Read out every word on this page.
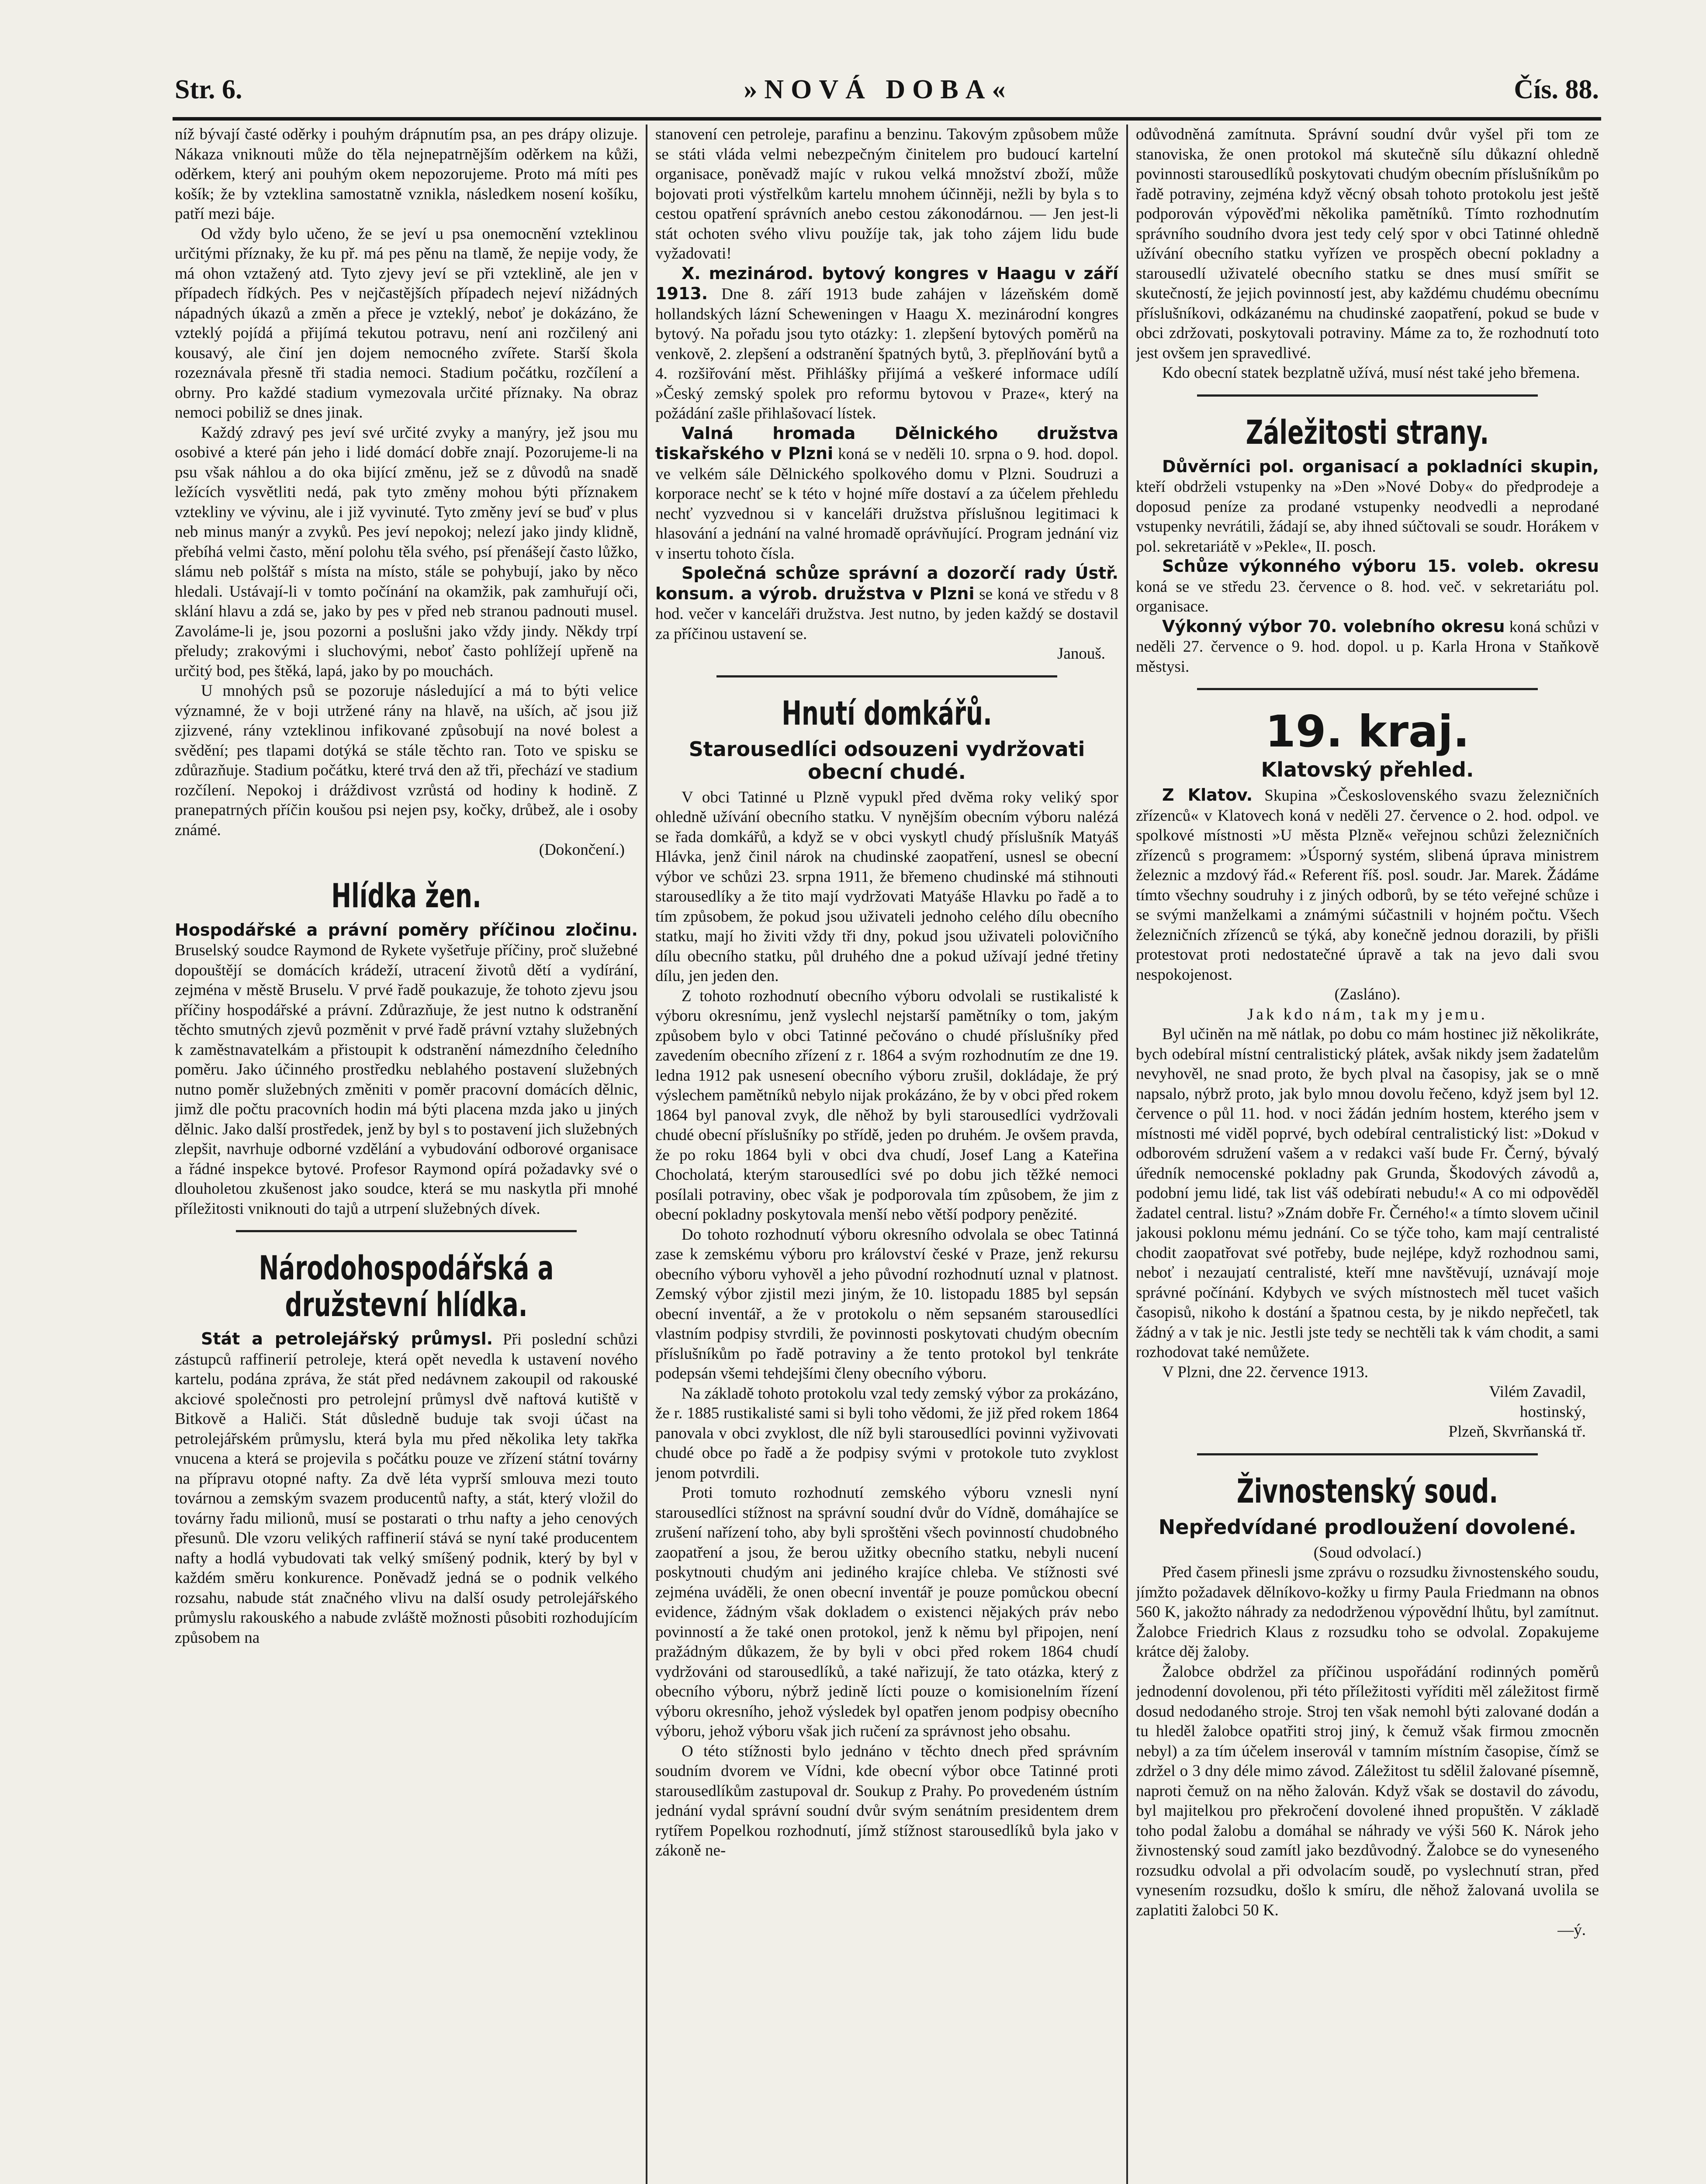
Str. 6.	»NOVÁ DOBA«	Čís. 88.

níž bývají časté oděrky i pouhým drápnutím psa, an pes drápy olizuje. Nákaza vniknouti může do těla nejnepatrnějším oděrkem na kůži, oděrkem, který ani pouhým okem nepozorujeme. Proto má míti pes košík; že by vzteklina samostatně vznikla, následkem nosení košíku, patří mezi báje.

Od vždy bylo učeno, že se jeví u psa onemocnění vzteklinou určitými příznaky, že ku př. má pes pěnu na tlamě, že nepije vody, že má ohon vztažený atd. Tyto zjevy jeví se při vzteklině, ale jen v případech řídkých. Pes v nejčastějších případech nejeví nižádných nápadných úkazů a změn a přece je vzteklý, neboť je dokázáno, že vzteklý pojídá a přijímá tekutou potravu, není ani rozčilený ani kousavý, ale činí jen dojem nemocného zvířete. Starší škola rozeznávala přesně tři stadia nemoci. Stadium počátku, rozčílení a obrny. Pro každé stadium vymezovala určité příznaky. Na obraz nemoci pobiliž se dnes jinak.

Každý zdravý pes jeví své určité zvyky a manýry, jež jsou mu osobivé a které pán jeho i lidé domácí dobře znají. Pozorujeme-li na psu však náhlou a do oka bijící změnu, jež se z důvodů na snadě ležících vysvětliti nedá, pak tyto změny mohou býti příznakem vztekliny ve vývinu, ale i již vyvinuté. Tyto změny jeví se buď v plus neb minus manýr a zvyků. Pes jeví nepokoj; nelezí jako jindy klidně, přebíhá velmi často, mění polohu těla svého, psí přenášejí často lůžko, slámu neb polštář s místa na místo, stále se pohybují, jako by něco hledali. Ustávají-li v tomto počínání na okamžik, pak zamhuřují oči, sklání hlavu a zdá se, jako by pes v před neb stranou padnouti musel. Zavoláme-li je, jsou pozorni a poslušni jako vždy jindy. Někdy trpí přeludy; zrakovými i sluchovými, neboť často pohlížejí upřeně na určitý bod, pes štěká, lapá, jako by po mouchách.

U mnohých psů se pozoruje následující a má to býti velice významné, že v boji utržené rány na hlavě, na uších, ač jsou již zjizvené, rány vzteklinou infikované způsobují na nové bolest a svědění; pes tlapami dotýká se stále těchto ran. Toto ve spisku se zdůrazňuje. Stadium počátku, které trvá den až tři, přechází ve stadium rozčílení. Nepokoj i dráždivost vzrůstá od hodiny k hodině. Z pranepatrných příčin koušou psi nejen psy, kočky, drůbež, ale i osoby známé.

(Dokončení.)

Hlídka žen.

Hospodářské a právní poměry příčinou zločinu. Bruselský soudce Raymond de Rykete vyšetřuje příčiny, proč služebné dopouštějí se domácích krádeží, utracení životů dětí a vydírání, zejména v městě Bruselu. V prvé řadě poukazuje, že tohoto zjevu jsou příčiny hospodářské a právní. Zdůrazňuje, že jest nutno k odstranění těchto smutných zjevů pozměnit v prvé řadě právní vztahy služebných k zaměstnavatelkám a přistoupit k odstranění námezdního čeledního poměru. Jako účinného prostředku neblahého postavení služebných nutno poměr služebných změniti v poměr pracovní domácích dělnic, jimž dle počtu pracovních hodin má býti placena mzda jako u jiných dělnic. Jako další prostředek, jenž by byl s to postavení jich služebných zlepšit, navrhuje odborné vzdělání a vybudování odborové organisace a řádné inspekce bytové. Profesor Raymond opírá požadavky své o dlouholetou zkušenost jako soudce, která se mu naskytla při mnohé příležitosti vniknouti do tajů a utrpení služebných dívek.

Národohospodářská a družstevní hlídka.

Stát a petrolejářský průmysl. Při poslední schůzi zástupců raffinerií petroleje, která opět nevedla k ustavení nového kartelu, podána zpráva, že stát před nedávnem zakoupil od rakouské akciové společnosti pro petrolejní průmysl dvě naftová kutiště v Bitkově a Haliči. Stát důsledně buduje tak svoji účast na petrolejářském průmyslu, která byla mu před několika lety takřka vnucena a která se projevila s počátku pouze ve zřízení státní továrny na přípravu otopné nafty. Za dvě léta vyprší smlouva mezi touto továrnou a zemským svazem producentů nafty, a stát, který vložil do továrny řadu milionů, musí se postarati o trhu nafty a jeho cenových přesunů. Dle vzoru velikých raffinerií stává se nyní také producentem nafty a hodlá vybudovati tak velký smíšený podnik, který by byl v každém směru konkurence. Poněvadž jedná se o podnik velkého rozsahu, nabude stát značného vlivu na další osudy petrolejářského průmyslu rakouského a nabude zvláště možnosti působiti rozhodujícím způsobem na

stanovení cen petroleje, parafinu a benzinu. Takovým způsobem může se státi vláda velmi nebezpečným činitelem pro budoucí kartelní organisace, poněvadž majíc v rukou velká množství zboží, může bojovati proti výstřelkům kartelu mnohem účinněji, nežli by byla s to cestou opatření správních anebo cestou zákonodárnou. — Jen jest-li stát ochoten svého vlivu použíje tak, jak toho zájem lidu bude vyžadovati!

X. mezinárod. bytový kongres v Haagu v září 1913. Dne 8. září 1913 bude zahájen v lázeňském domě hollandských lázní Scheweningen v Haagu X. mezinárodní kongres bytový. Na pořadu jsou tyto otázky: 1. zlepšení bytových poměrů na venkově, 2. zlepšení a odstranění špatných bytů, 3. přeplňování bytů a 4. rozšiřování měst. Přihlášky přijímá a veškeré informace udílí »Český zemský spolek pro reformu bytovou v Praze«, který na požádání zašle přihlašovací lístek.

Valná hromada Dělnického družstva tiskařského v Plzni koná se v neděli 10. srpna o 9. hod. dopol. ve velkém sále Dělnického spolkového domu v Plzni. Soudruzi a korporace nechť se k této v hojné míře dostaví a za účelem přehledu nechť vyzvednou si v kanceláři družstva příslušnou legitimaci k hlasování a jednání na valné hromadě oprávňující. Program jednání viz v insertu tohoto čísla.

Společná schůze správní a dozorčí rady Ústř. konsum. a výrob. družstva v Plzni se koná ve středu v 8 hod. večer v kanceláři družstva. Jest nutno, by jeden každý se dostavil za příčinou ustavení se.

Janouš.

Hnutí domkářů.
Starousedlíci odsouzeni vydržovati obecní chudé.

V obci Tatinné u Plzně vypukl před dvěma roky veliký spor ohledně užívání obecního statku. V nynějším obecním výboru nalézá se řada domkářů, a když se v obci vyskytl chudý příslušník Matyáš Hlávka, jenž činil nárok na chudinské zaopatření, usnesl se obecní výbor ve schůzi 23. srpna 1911, že břemeno chudinské má stihnouti starousedlíky a že tito mají vydržovati Matyáše Hlavku po řadě a to tím způsobem, že pokud jsou uživateli jednoho celého dílu obecního statku, mají ho živiti vždy tři dny, pokud jsou uživateli polovičního dílu obecního statku, půl druhého dne a pokud užívají jedné třetiny dílu, jen jeden den.

Z tohoto rozhodnutí obecního výboru odvolali se rustikalisté k výboru okresnímu, jenž vyslechl nejstarší pamětníky o tom, jakým způsobem bylo v obci Tatinné pečováno o chudé příslušníky před zavedením obecního zřízení z r. 1864 a svým rozhodnutím ze dne 19. ledna 1912 pak usnesení obecního výboru zrušil, dokládaje, že prý výslechem pamětníků nebylo nijak prokázáno, že by v obci před rokem 1864 byl panoval zvyk, dle něhož by byli starousedlíci vydržovali chudé obecní příslušníky po střídě, jeden po druhém. Je ovšem pravda, že po roku 1864 byli v obci dva chudí, Josef Lang a Kateřina Chocholatá, kterým starousedlíci své po dobu jich těžké nemoci posílali potraviny, obec však je podporovala tím způsobem, že jim z obecní pokladny poskytovala menší nebo větší podpory penězité.

Do tohoto rozhodnutí výboru okresního odvolala se obec Tatinná zase k zemskému výboru pro království české v Praze, jenž rekursu obecního výboru vyhověl a jeho původní rozhodnutí uznal v platnost. Zemský výbor zjistil mezi jiným, že 10. listopadu 1885 byl sepsán obecní inventář, a že v protokolu o něm sepsaném starousedlíci vlastním podpisy stvrdili, že povinnosti poskytovati chudým obecním příslušníkům po řadě potraviny a že tento protokol byl tenkráte podepsán všemi tehdejšími členy obecního výboru.

Na základě tohoto protokolu vzal tedy zemský výbor za prokázáno, že r. 1885 rustikalisté sami si byli toho vědomi, že již před rokem 1864 panovala v obci zvyklost, dle níž byli starousedlíci povinni vyživovati chudé obce po řadě a že podpisy svými v protokole tuto zvyklost jenom potvrdili.

Proti tomuto rozhodnutí zemského výboru vznesli nyní starousedlíci stížnost na správní soudní dvůr do Vídně, domáhajíce se zrušení nařízení toho, aby byli sproštěni všech povinností chudobného zaopatření a jsou, že berou užitky obecního statku, nebyli nucení poskytnouti chudým ani jediného krajíce chleba. Ve stížnosti své zejména uváděli, že onen obecní inventář je pouze pomůckou obecní evidence, žádným však dokladem o existenci nějakých práv nebo povinností a že také onen protokol, jenž k němu byl připojen, není pražádným důkazem, že by byli v obci před rokem 1864 chudí vydržováni od starousedlíků, a také nařizují, že tato otázka, který z obecního výboru, nýbrž jedině lícti pouze o komisionelním řízení výboru okresního, jehož výsledek byl opatřen jenom podpisy obecního výboru, jehož výboru však jich ručení za správnost jeho obsahu.

O této stížnosti bylo jednáno v těchto dnech před správním soudním dvorem ve Vídni, kde obecní výbor obce Tatinné proti starousedlíkům zastupoval dr. Soukup z Prahy. Po provedeném ústním jednání vydal správní soudní dvůr svým senátním presidentem drem rytířem Popelkou rozhodnutí, jímž stížnost starousedlíků byla jako v zákoně ne-

odůvodněná zamítnuta. Správní soudní dvůr vyšel při tom ze stanoviska, že onen protokol má skutečně sílu důkazní ohledně povinnosti starousedlíků poskytovati chudým obecním příslušníkům po řadě potraviny, zejména když věcný obsah tohoto protokolu jest ještě podporován výpověďmi několika pamětníků. Tímto rozhodnutím správního soudního dvora jest tedy celý spor v obci Tatinné ohledně užívání obecního statku vyřízen ve prospěch obecní pokladny a starousedlí uživatelé obecního statku se dnes musí smířit se skutečností, že jejich povinností jest, aby každému chudému obecnímu příslušníkovi, odkázanému na chudinské zaopatření, pokud se bude v obci zdržovati, poskytovali potraviny. Máme za to, že rozhodnutí toto jest ovšem jen spravedlivé.

Kdo obecní statek bezplatně užívá, musí nést také jeho břemena.

Záležitosti strany.

Důvěrníci pol. organisací a pokladníci skupin, kteří obdrželi vstupenky na »Den »Nové Doby« do předprodeje a doposud peníze za prodané vstupenky neodvedli a neprodané vstupenky nevrátili, žádají se, aby ihned súčtovali se soudr. Horákem v pol. sekretariátě v »Pekle«, II. posch.

Schůze výkonného výboru 15. voleb. okresu koná se ve středu 23. července o 8. hod. več. v sekretariátu pol. organisace.

Výkonný výbor 70. volebního okresu koná schůzi v neděli 27. července o 9. hod. dopol. u p. Karla Hrona v Staňkově městysi.

19. kraj.
Klatovský přehled.

Z Klatov. Skupina »Československého svazu železničních zřízenců« v Klatovech koná v neděli 27. července o 2. hod. odpol. ve spolkové místnosti »U města Plzně« veřejnou schůzi železničních zřízenců s programem: »Úsporný systém, slibená úprava ministrem železnic a mzdový řád.« Referent říš. posl. soudr. Jar. Marek. Žádáme tímto všechny soudruhy i z jiných odborů, by se této veřejné schůze i se svými manželkami a známými súčastnili v hojném počtu. Všech železničních zřízenců se týká, aby konečně jednou dorazili, by přišli protestovat proti nedostatečné úpravě a tak na jevo dali svou nespokojenost.

(Zasláno).

Jak kdo nám, tak my jemu.

Byl učiněn na mě nátlak, po dobu co mám hostinec již několikráte, bych odebíral místní centralistický plátek, avšak nikdy jsem žadatelům nevyhověl, ne snad proto, že bych plval na časopisy, jak se o mně napsalo, nýbrž proto, jak bylo mnou dovolu řečeno, když jsem byl 12. července o půl 11. hod. v noci žádán jedním hostem, kterého jsem v místnosti mé viděl poprvé, bych odebíral centralistický list: »Dokud v odborovém sdružení vašem a v redakci vaší bude Fr. Černý, bývalý úředník nemocenské pokladny pak Grunda, Škodových závodů a, podobní jemu lidé, tak list váš odebírati nebudu!« A co mi odpověděl žadatel central. listu? »Znám dobře Fr. Černého!« a tímto slovem učinil jakousi poklonu mému jednání. Co se týče toho, kam mají centralisté chodit zaopatřovat své potřeby, bude nejlépe, když rozhodnou sami, neboť i nezaujatí centralisté, kteří mne navštěvují, uznávají moje správné počínání. Kdybych ve svých místnostech měl tucet vašich časopisů, nikoho k dostání a špatnou cesta, by je nikdo nepřečetl, tak žádný a v tak je nic. Jestli jste tedy se nechtěli tak k vám chodit, a sami rozhodovat také nemůžete.

V Plzni, dne 22. července 1913.

Vilém Zavadil,

hostinský,

Plzeň, Skvrňanská tř.

Živnostenský soud.
Nepředvídané prodloužení dovolené.

(Soud odvolací.)

Před časem přinesli jsme zprávu o rozsudku živnostenského soudu, jímžto požadavek dělníkovo-kožky u firmy Paula Friedmann na obnos 560 K, jakožto náhrady za nedodrženou výpovědní lhůtu, byl zamítnut. Žalobce Friedrich Klaus z rozsudku toho se odvolal. Zopakujeme krátce děj žaloby.

Žalobce obdržel za příčinou uspořádání rodinných poměrů jednodenní dovolenou, při této příležitosti vyříditi měl záležitost firmě dosud nedodaného stroje. Stroj ten však nemohl býti zalované dodán a tu hleděl žalobce opatřiti stroj jiný, k čemuž však firmou zmocněn nebyl) a za tím účelem inserovál v tamním místním časopise, čímž se zdržel o 3 dny déle mimo závod. Záležitost tu sdělil žalované písemně, naproti čemuž on na něho žalován. Když však se dostavil do závodu, byl majitelkou pro překročení dovolené ihned propuštěn. V základě toho podal žalobu a domáhal se náhrady ve výši 560 K. Nárok jeho živnostenský soud zamítl jako bezdůvodný. Žalobce se do vyneseného rozsudku odvolal a při odvolacím soudě, po vyslechnutí stran, před vynesením rozsudku, došlo k smíru, dle něhož žalovaná uvolila se zaplatiti žalobci 50 K.

—ý.
